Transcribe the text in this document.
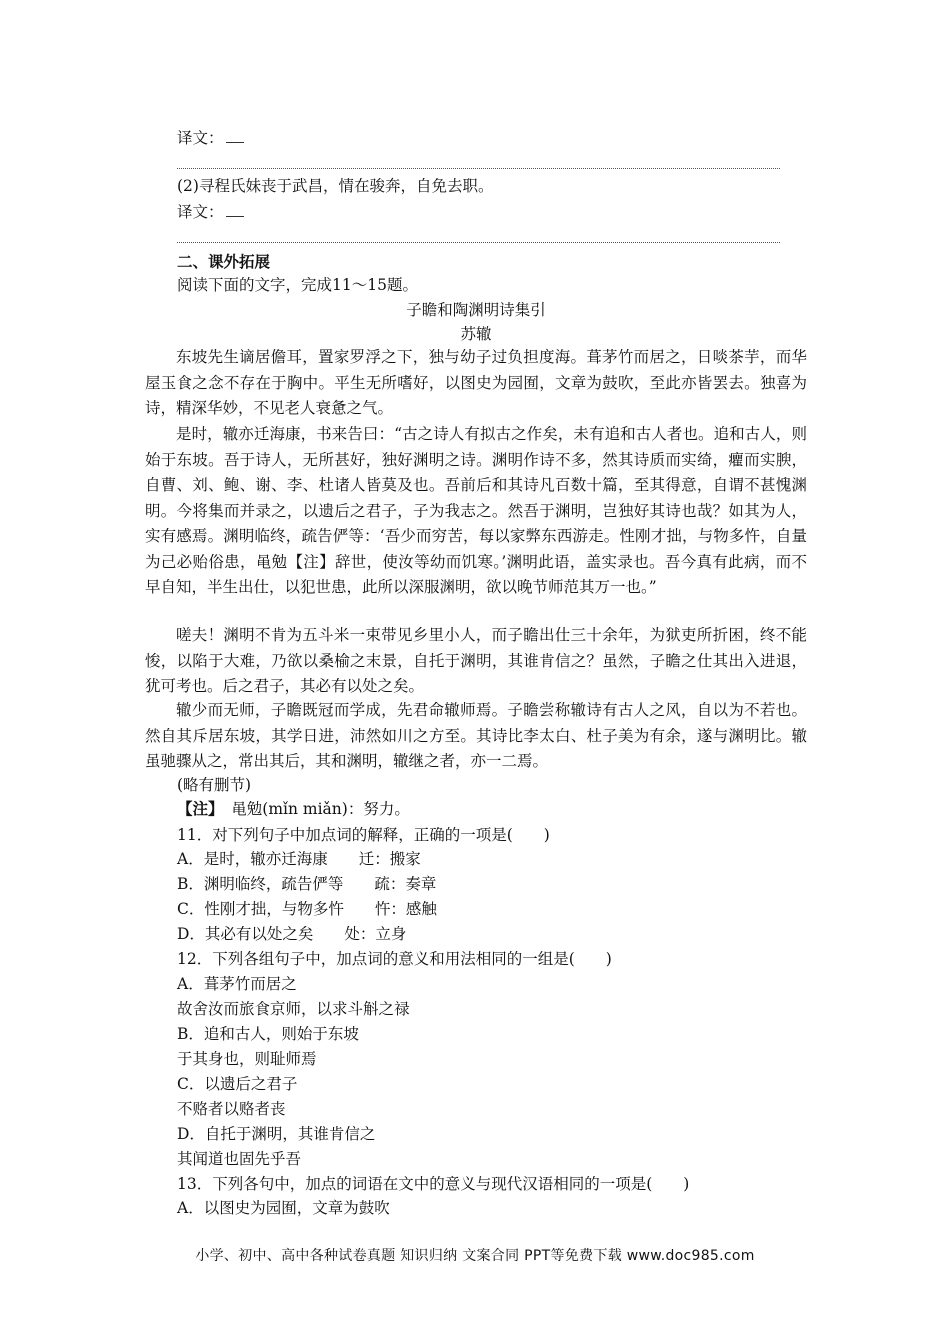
译文：
(2)寻程氏妹丧于武昌，情在骏奔，自免去职。
译文：
二、课外拓展
阅读下面的文字，完成11～15题。
子瞻和陶渊明诗集引
苏辙
东坡先生谪居儋耳，置家罗浮之下，独与幼子过负担度海。葺茅竹而居之，日啖茶芋，而华屋玉食之念不存在于胸中。平生无所嗜好，以图史为园囿，文章为鼓吹，至此亦皆罢去。独喜为诗，精深华妙，不见老人衰惫之气。
是时，辙亦迁海康，书来告曰：“古之诗人有拟古之作矣，未有追和古人者也。追和古人，则始于东坡。吾于诗人，无所甚好，独好渊明之诗。渊明作诗不多，然其诗质而实绮，癯而实腴，自曹、刘、鲍、谢、李、杜诸人皆莫及也。吾前后和其诗凡百数十篇，至其得意，自谓不甚愧渊明。今将集而并录之，以遗后之君子，子为我志之。然吾于渊明，岂独好其诗也哉？如其为人，实有感焉。渊明临终，疏告俨等：‘吾少而穷苦，每以家弊东西游走。性刚才拙，与物多忤，自量为己必贻俗患，黾勉【注】辞世，使汝等幼而饥寒。’渊明此语，盖实录也。吾今真有此病，而不早自知，半生出仕，以犯世患，此所以深服渊明，欲以晚节师范其万一也。”
嗟夫！渊明不肯为五斗米一束带见乡里小人，而子瞻出仕三十余年，为狱吏所折困，终不能悛，以陷于大难，乃欲以桑榆之末景，自托于渊明，其谁肯信之？虽然，子瞻之仕其出入进退，犹可考也。后之君子，其必有以处之矣。
辙少而无师，子瞻既冠而学成，先君命辙师焉。子瞻尝称辙诗有古人之风，自以为不若也。然自其斥居东坡，其学日进，沛然如川之方至。其诗比李太白、杜子美为有余，遂与渊明比。辙虽驰骤从之，常出其后，其和渊明，辙继之者，亦一二焉。
(略有删节)
【注】　 黾勉(mǐn miǎn)：努力。
11．对下列句子中加点词的解释，正确的一项是(　　)
A．是时，辙亦迁海康　　迁：搬家
B．渊明临终，疏告俨等　　疏：奏章
C．性刚才拙，与物多忤　　忤：感触
D．其必有以处之矣　　处：立身
12．下列各组句子中，加点词的意义和用法相同的一组是(　　)
A．葺茅竹而居之
故舍汝而旅食京师，以求斗斛之禄
B．追和古人，则始于东坡
于其身也，则耻师焉
C．以遗后之君子
不赂者以赂者丧
D．自托于渊明，其谁肯信之
其闻道也固先乎吾
13．下列各句中，加点的词语在文中的意义与现代汉语相同的一项是(　　)
A．以图史为园囿，文章为鼓吹
小学、初中、高中各种试卷真题 知识归纳 文案合同 PPT等免费下载 www.doc985.com
